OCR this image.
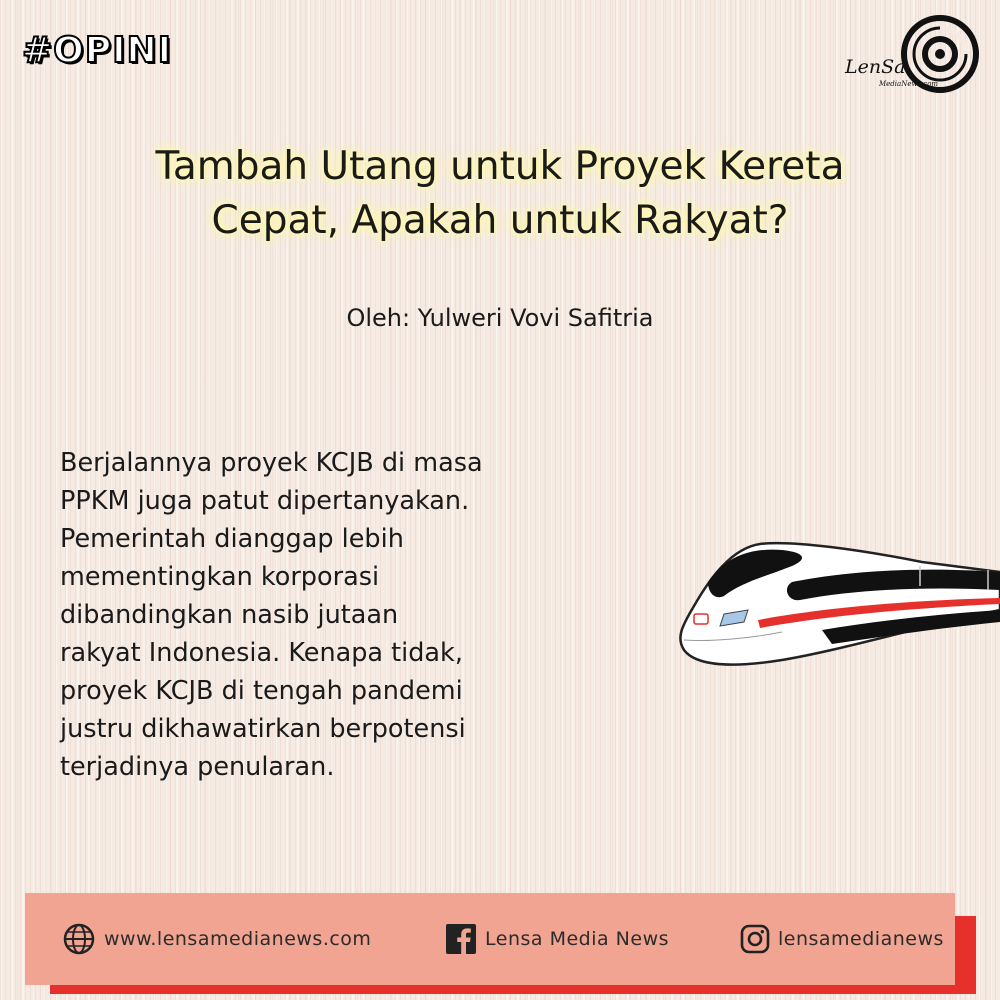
#OPINI	LenSa
MediaNews.com
Tambah Utang untuk Proyek Kereta
Cepat, Apakah untuk Rakyat?
Oleh: Yulweri Vovi Safitria
Berjalannya proyek KCJB di masa
PPKM juga patut dipertanyakan.
Pemerintah dianggap lebih
mementingkan korporasi
dibandingkan nasib jutaan
rakyat Indonesia. Kenapa tidak,
proyek KCJB di tengah pandemi
justru dikhawatirkan berpotensi
terjadinya penularan.
www.lensamedianews.com	Lensa Media News	lensamedianews
